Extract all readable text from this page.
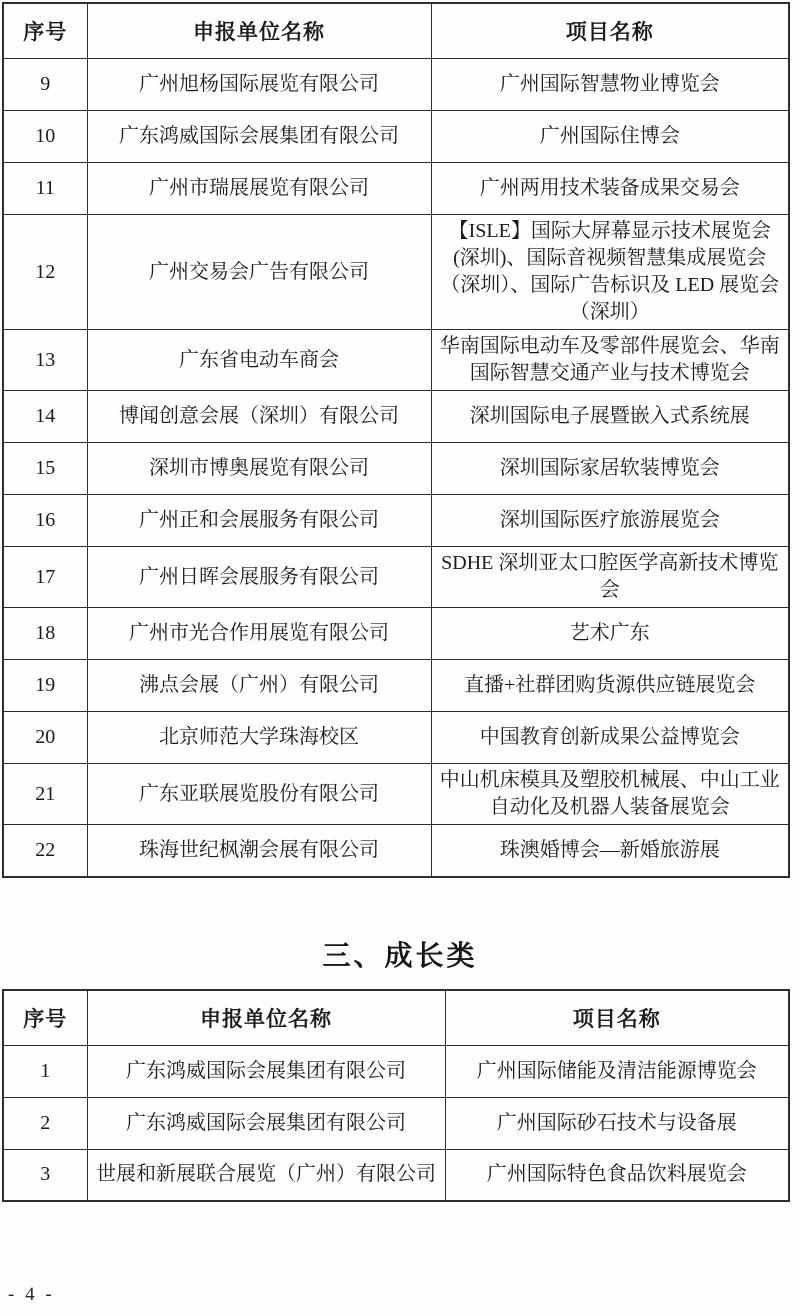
序号	申报单位名称	项目名称
9	广州旭杨国际展览有限公司	广州国际智慧物业博览会
10	广东鸿威国际会展集团有限公司	广州国际住博会
11	广州市瑞展展览有限公司	广州两用技术装备成果交易会
12	广州交易会广告有限公司	【ISLE】国际大屏幕显示技术展览会(深圳)、国际音视频智慧集成展览会（深圳）、国际广告标识及 LED 展览会（深圳）
13	广东省电动车商会	华南国际电动车及零部件展览会、华南国际智慧交通产业与技术博览会
14	博闻创意会展（深圳）有限公司	深圳国际电子展暨嵌入式系统展
15	深圳市博奥展览有限公司	深圳国际家居软装博览会
16	广州正和会展服务有限公司	深圳国际医疗旅游展览会
17	广州日晖会展服务有限公司	SDHE 深圳亚太口腔医学高新技术博览会
18	广州市光合作用展览有限公司	艺术广东
19	沸点会展（广州）有限公司	直播+社群团购货源供应链展览会
20	北京师范大学珠海校区	中国教育创新成果公益博览会
21	广东亚联展览股份有限公司	中山机床模具及塑胶机械展、中山工业自动化及机器人装备展览会
22	珠海世纪枫潮会展有限公司	珠澳婚博会—新婚旅游展
三、成长类
序号	申报单位名称	项目名称
1	广东鸿威国际会展集团有限公司	广州国际储能及清洁能源博览会
2	广东鸿威国际会展集团有限公司	广州国际砂石技术与设备展
3	世展和新展联合展览（广州）有限公司	广州国际特色食品饮料展览会
- 4 -
